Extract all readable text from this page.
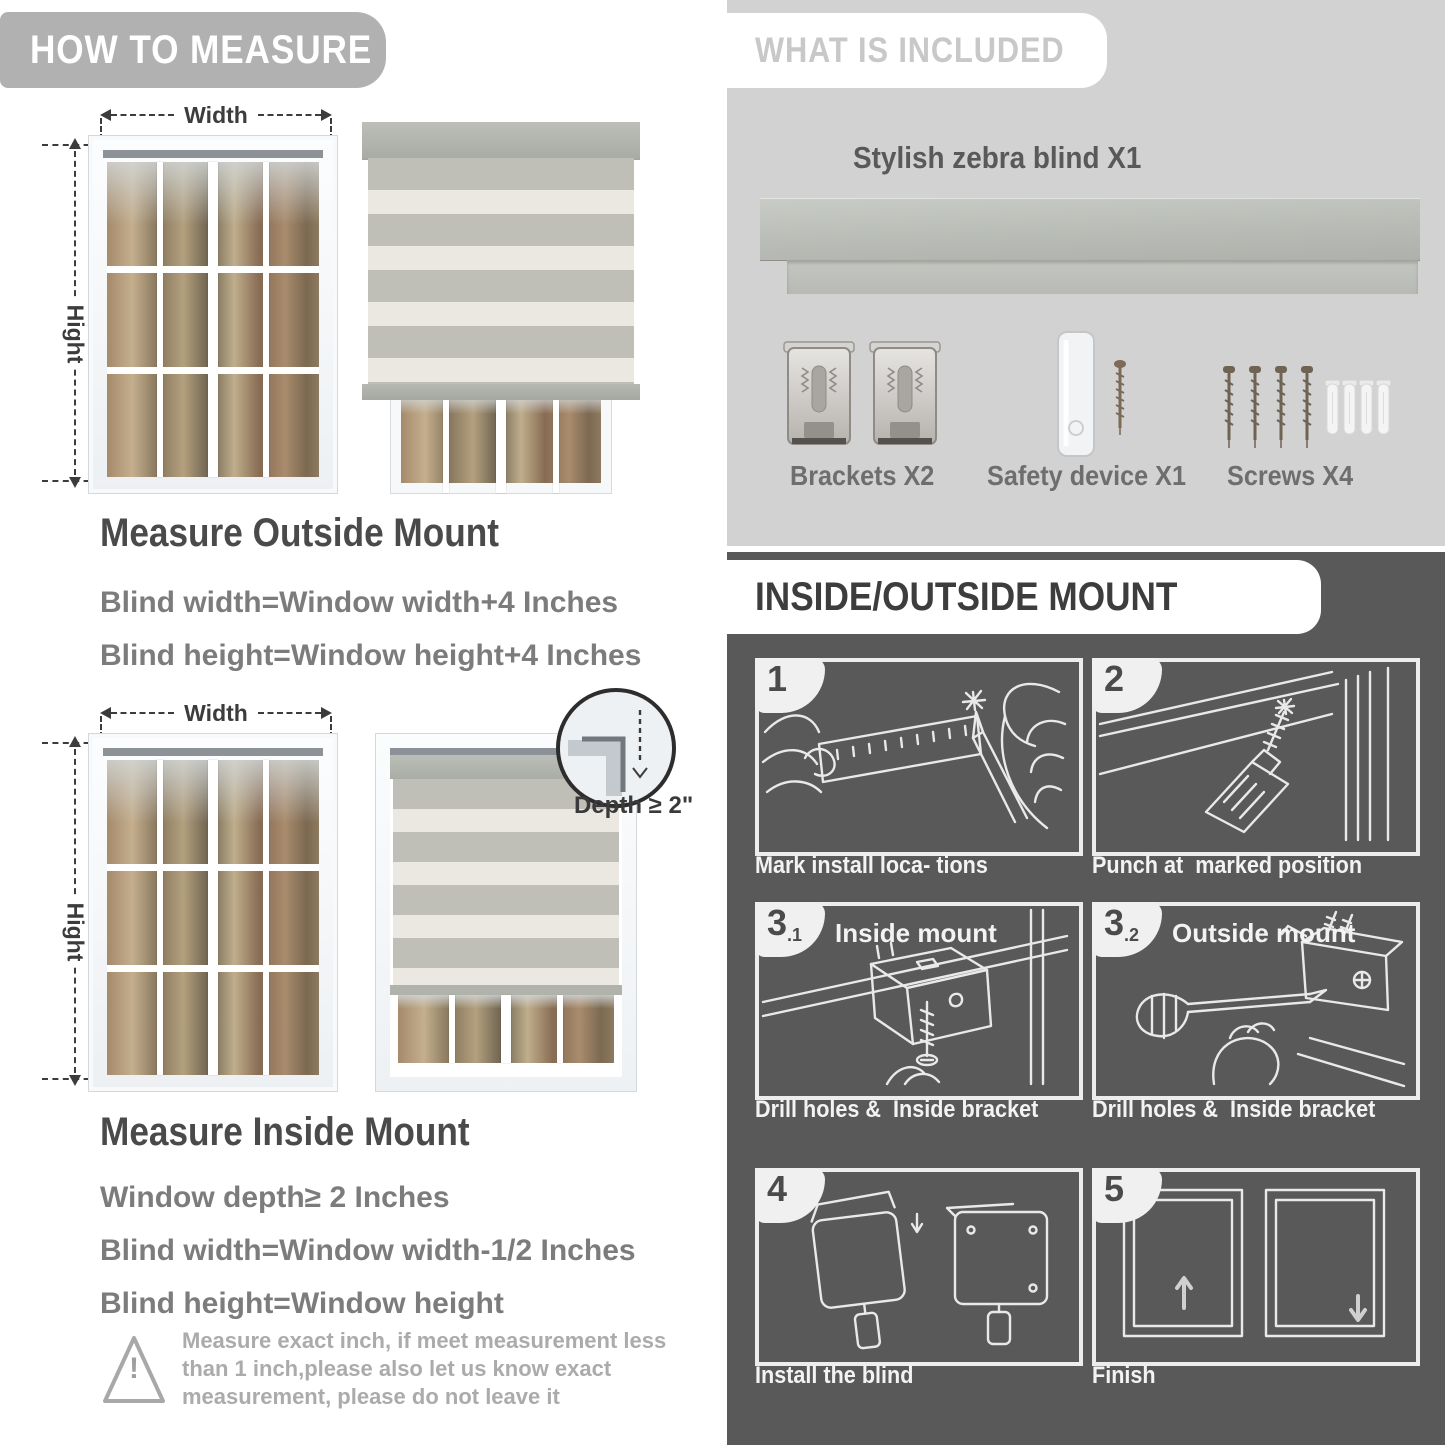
HOW TO MEASURE
Width
Hight
Measure Outside Mount
Blind width=Window width+4 Inches
Blind height=Window height+4 Inches
Width
Hight
Depth ≥ 2"
Measure Inside Mount
Window depth≥ 2 Inches
Blind width=Window width-1/2 Inches
Blind height=Window height
!
Measure exact inch, if meet measurement less
than 1 inch,please also let us know exact
measurement, please do not leave it
WHAT IS INCLUDED
Stylish zebra blind X1
Brackets X2	Safety device X1	Screws X4
INSIDE/OUTSIDE MOUNT
1	2
3 .1 Inside mount	3 .2 Outside mount
4	5
Mark install loca- tions	Punch at  marked position
Drill holes &  Inside bracket	Drill holes &  Inside bracket
Install the blind	Finish
